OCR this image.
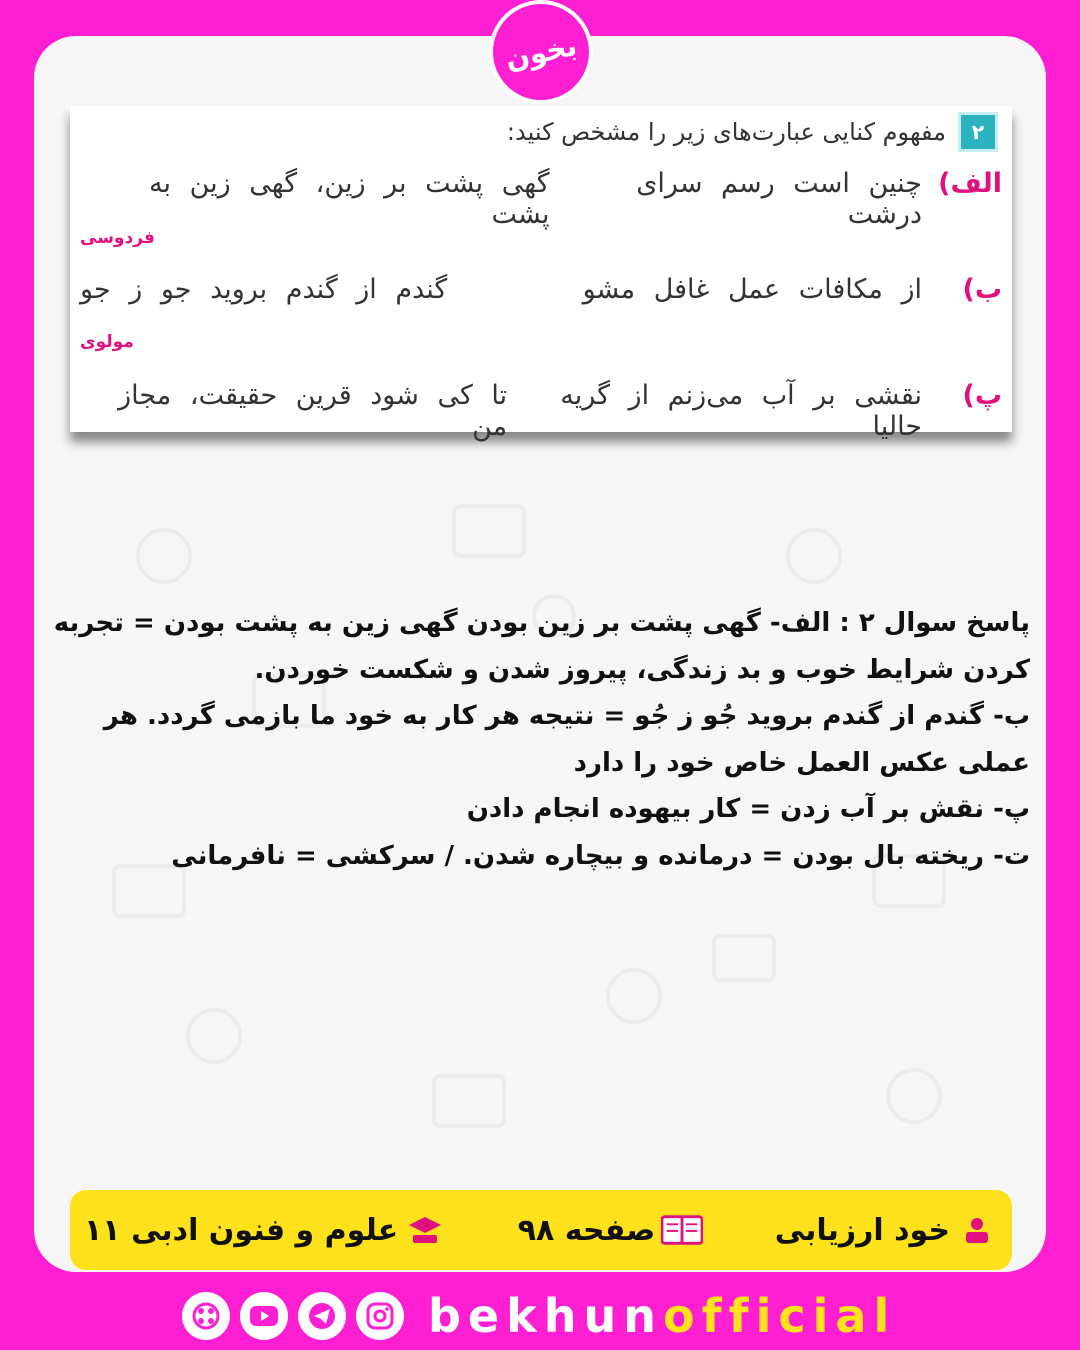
بخون
۲
مفهوم کنایی عبارت‌های زیر را مشخص کنید:
الف)
چنین است رسم سرای درشت
گهی پشت بر زین، گهی زین به پشت
فردوسی
ب)
از مکافات عمل غافل مشو
گندم از گندم بروید جو ز جو
مولوی
پ)
نقشی بر آب می‌زنم از گریه حالیا
تا کی شود قرین حقیقت، مجاز من

پاسخ سوال ۲ : الف- گهی پشت بر زین بودن گهی زین به پشت بودن = تجربه کردن شرایط خوب و بد زندگی، پیروز شدن و شکست خوردن.

ب- گندم از گندم بروید جُو ز جُو = نتیجه هر کار به خود ما بازمی گردد. هر عملی عکس العمل خاص خود را دارد

پ- نقش بر آب زدن = کار بیهوده انجام دادن

ت- ریخته بال بودن = درمانده و بیچاره شدن. / سرکشی = نافرمانی

خود ارزیابی
صفحه ۹۸
علوم و فنون ادبی ۱۱
bekhunofficial
